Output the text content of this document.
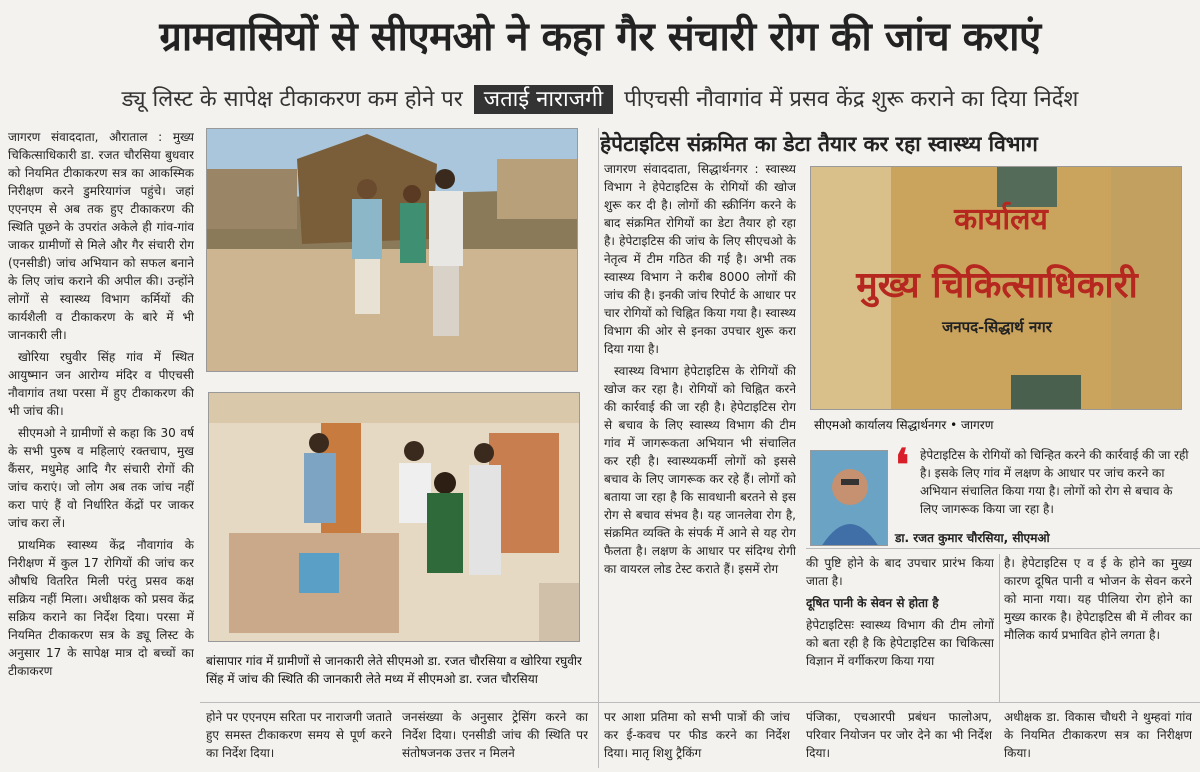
ग्रामवासियों से सीएमओ ने कहा गैर संचारी रोग की जांच कराएं
ड्यू लिस्ट के सापेक्ष टीकाकरण कम होने पर जताई नाराजगी पीएचसी नौवागांव में प्रसव केंद्र शुरू कराने का दिया निर्देश

जागरण संवाददाता, औराताल : मुख्य चिकित्साधिकारी डा. रजत चौरसिया बुधवार को नियमित टीकाकरण सत्र का आकस्मिक निरीक्षण करने डुमरियागंज पहुंचे। जहां एएनएम से अब तक हुए टीकाकरण की स्थिति पूछने के उपरांत अकेले ही गांव-गांव जाकर ग्रामीणों से मिले और गैर संचारी रोग (एनसीडी) जांच अभियान को सफल बनाने के लिए जांच कराने की अपील की। उन्होंने लोगों से स्वास्थ्य विभाग कर्मियों की कार्यशैली व टीकाकरण के बारे में भी जानकारी ली।

खोरिया रघुवीर सिंह गांव में स्थित आयुष्मान जन आरोग्य मंदिर व पीएचसी नौवागांव तथा परसा में हुए टीकाकरण की भी जांच की।

सीएमओ ने ग्रामीणों से कहा कि 30 वर्ष के सभी पुरुष व महिलाएं रक्तचाप, मुख कैंसर, मधुमेह आदि गैर संचारी रोगों की जांच कराएं। जो लोग अब तक जांच नहीं करा पाएं हैं वो निर्धारित केंद्रों पर जाकर जांच करा लें।

प्राथमिक स्वास्थ्य केंद्र नौवागांव के निरीक्षण में कुल 17 रोगियों की जांच कर औषधि वितरित मिली परंतु प्रसव कक्ष सक्रिय नहीं मिला। अधीक्षक को प्रसव केंद्र सक्रिय कराने का निर्देश दिया। परसा में नियमित टीकाकरण सत्र के ड्यू लिस्ट के अनुसार 17 के सापेक्ष मात्र दो बच्चों का टीकाकरण

बांसापार गांव में ग्रामीणों से जानकारी लेते सीएमओ डा. रजत चौरसिया व खोरिया रघुवीर सिंह में जांच की स्थिति की जानकारी लेते मध्य में सीएमओ डा. रजत चौरसिया
होने पर एएनएम सरिता पर नाराजगी जताते हुए समस्त टीकाकरण समय से पूर्ण करने का निर्देश दिया।
जनसंख्या के अनुसार ट्रेसिंग करने का निर्देश दिया। एनसीडी जांच की स्थिति पर संतोषजनक उत्तर न मिलने
पर आशा प्रतिमा को सभी पात्रों की जांच कर ई-कवच पर फीड करने का निर्देश दिया। मातृ शिशु ट्रैकिंग
पंजिका, एचआरपी प्रबंधन फालोअप, परिवार नियोजन पर जोर देने का भी निर्देश दिया।
अधीक्षक डा. विकास चौधरी ने थुम्हवां गांव के नियमित टीकाकरण सत्र का निरीक्षण किया।
हेपेटाइटिस संक्रमित का डेटा तैयार कर रहा स्वास्थ्य विभाग

जागरण संवाददाता, सिद्धार्थनगर : स्वास्थ्य विभाग ने हेपेटाइटिस के रोगियों की खोज शुरू कर दी है। लोगों की स्क्रीनिंग करने के बाद संक्रमित रोगियों का डेटा तैयार हो रहा है। हेपेटाइटिस की जांच के लिए सीएचओ के नेतृत्व में टीम गठित की गई है। अभी तक स्वास्थ्य विभाग ने करीब 8000 लोगों की जांच की है। इनकी जांच रिपोर्ट के आधार पर चार रोगियों को चिह्नित किया गया है। स्वास्थ्य विभाग की ओर से इनका उपचार शुरू करा दिया गया है।

स्वास्थ्य विभाग हेपेटाइटिस के रोगियों की खोज कर रहा है। रोगियों को चिह्नित करने की कार्रवाई की जा रही है। हेपेटाइटिस रोग से बचाव के लिए स्वास्थ्य विभाग की टीम गांव में जागरूकता अभियान भी संचालित कर रही है। स्वास्थ्यकर्मी लोगों को इससे बचाव के लिए जागरूक कर रहे हैं। लोगों को बताया जा रहा है कि सावधानी बरतने से इस रोग से बचाव संभव है। यह जानलेवा रोग है, संक्रमित व्यक्ति के संपर्क में आने से यह रोग फैलता है। लक्षण के आधार पर संदिग्ध रोगी का वायरल लोड टेस्ट कराते हैं। इसमें रोग

कार्यालय
मुख्य चिकित्साधिकारी
जनपद-सिद्धार्थ नगर
सीएमओ कार्यालय सिद्धार्थनगर • जागरण
❛ हेपेटाइटिस के रोगियों को चिन्हित करने की कार्रवाई की जा रही है। इसके लिए गांव में लक्षण के आधार पर जांच करने का अभियान संचालित किया गया है। लोगों को रोग से बचाव के लिए जागरूक किया जा रहा है।
डा. रजत कुमार चौरसिया, सीएमओ

की पुष्टि होने के बाद उपचार प्रारंभ किया जाता है।

दूषित पानी के सेवन से होता है

हेपेटाइटिसः स्वास्थ्य विभाग की टीम लोगों को बता रही है कि हेपेटाइटिस का चिकित्सा विज्ञान में वर्गीकरण किया गया

है। हेपेटाइटिस ए व ई के होने का मुख्य कारण दूषित पानी व भोजन के सेवन करने को माना गया। यह पीलिया रोग होने का मुख्य कारक है। हेपेटाइटिस बी में लीवर का मौलिक कार्य प्रभावित होने लगता है।
